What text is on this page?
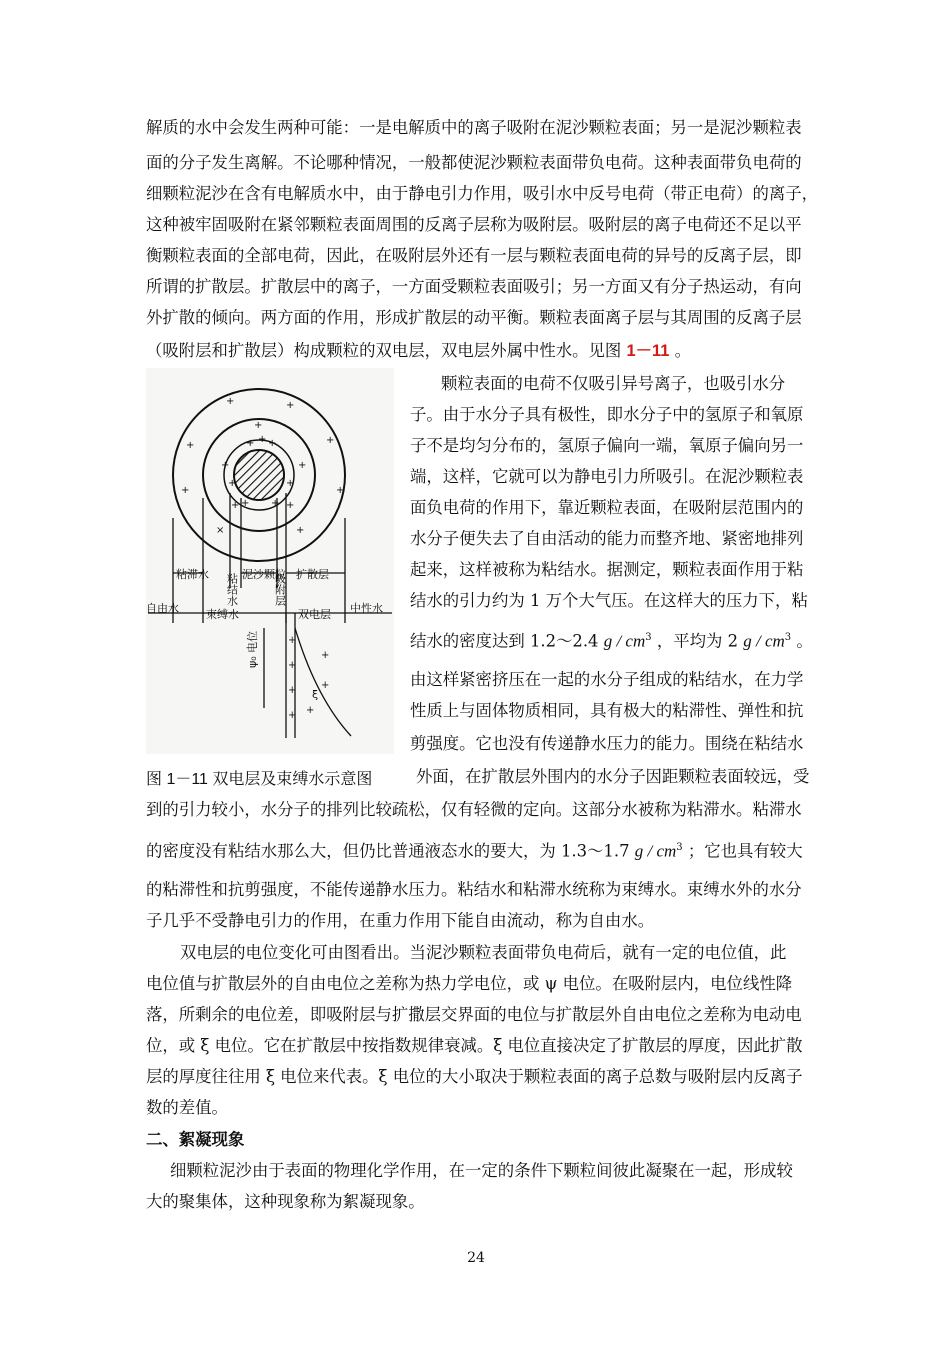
解质的水中会发生两种可能：一是电解质中的离子吸附在泥沙颗粒表面；另一是泥沙颗粒表
面的分子发生离解。不论哪种情况，一般都使泥沙颗粒表面带负电荷。这种表面带负电荷的
细颗粒泥沙在含有电解质水中，由于静电引力作用，吸引水中反号电荷（带正电荷）的离子，
这种被牢固吸附在紧邻颗粒表面周围的反离子层称为吸附层。吸附层的离子电荷还不足以平
衡颗粒表面的全部电荷，因此，在吸附层外还有一层与颗粒表面电荷的异号的反离子层，即
所谓的扩散层。扩散层中的离子，一方面受颗粒表面吸引；另一方面又有分子热运动，有向
外扩散的倾向。两方面的作用，形成扩散层的动平衡。颗粒表面离子层与其周围的反离子层
（吸附层和扩散层）构成颗粒的双电层，双电层外属中性水。见图 1－11 。
颗粒表面的电荷不仅吸引异号离子，也吸引水分
子。由于水分子具有极性，即水分子中的氢原子和氧原
子不是均匀分布的，氢原子偏向一端，氧原子偏向另一
端，这样，它就可以为静电引力所吸引。在泥沙颗粒表
面负电荷的作用下，靠近颗粒表面，在吸附层范围内的
水分子便失去了自由活动的能力而整齐地、紧密地排列
起来，这样被称为粘结水。据测定，颗粒表面作用于粘
结水的引力约为 1 万个大气压。在这样大的压力下，粘
结水的密度达到 1.2～2.4 g / $cm^3$ ，平均为 2 g / $cm^3$ 。
由这样紧密挤压在一起的水分子组成的粘结水，在力学
性质上与固体物质相同，具有极大的粘滞性、弹性和抗
剪强度。它也没有传递静水压力的能力。围绕在粘结水
+	+
+	+
+	+
×	+
+
+	+
+	+
+ +
+	+
+ +
+
粘滞水	泥沙颗粒 扩散层
自由水 束缚水	双电层 中性水
ψ₀ 电位
ξ
粘结水	吸附层
+
+
+
+
+
+
+
图 1－11 双电层及束缚水示意图	外面，在扩散层外围内的水分子因距颗粒表面较远，受
到的引力较小，水分子的排列比较疏松，仅有轻微的定向。这部分水被称为粘滞水。粘滞水
的密度没有粘结水那么大，但仍比普通液态水的要大，为 1.3～1.7 g / $cm^3$ ；它也具有较大
的粘滞性和抗剪强度，不能传递静水压力。粘结水和粘滞水统称为束缚水。束缚水外的水分
子几乎不受静电引力的作用，在重力作用下能自由流动，称为自由水。
双电层的电位变化可由图看出。当泥沙颗粒表面带负电荷后，就有一定的电位值，此
电位值与扩散层外的自由电位之差称为热力学电位，或 ψ 电位。在吸附层内，电位线性降
落，所剩余的电位差，即吸附层与扩撒层交界面的电位与扩散层外自由电位之差称为电动电
位，或 ξ 电位。它在扩散层中按指数规律衰减。ξ 电位直接决定了扩散层的厚度，因此扩散
层的厚度往往用 ξ 电位来代表。ξ 电位的大小取决于颗粒表面的离子总数与吸附层内反离子
数的差值。
二、絮凝现象
细颗粒泥沙由于表面的物理化学作用，在一定的条件下颗粒间彼此凝聚在一起，形成较
大的聚集体，这种现象称为絮凝现象。
24
